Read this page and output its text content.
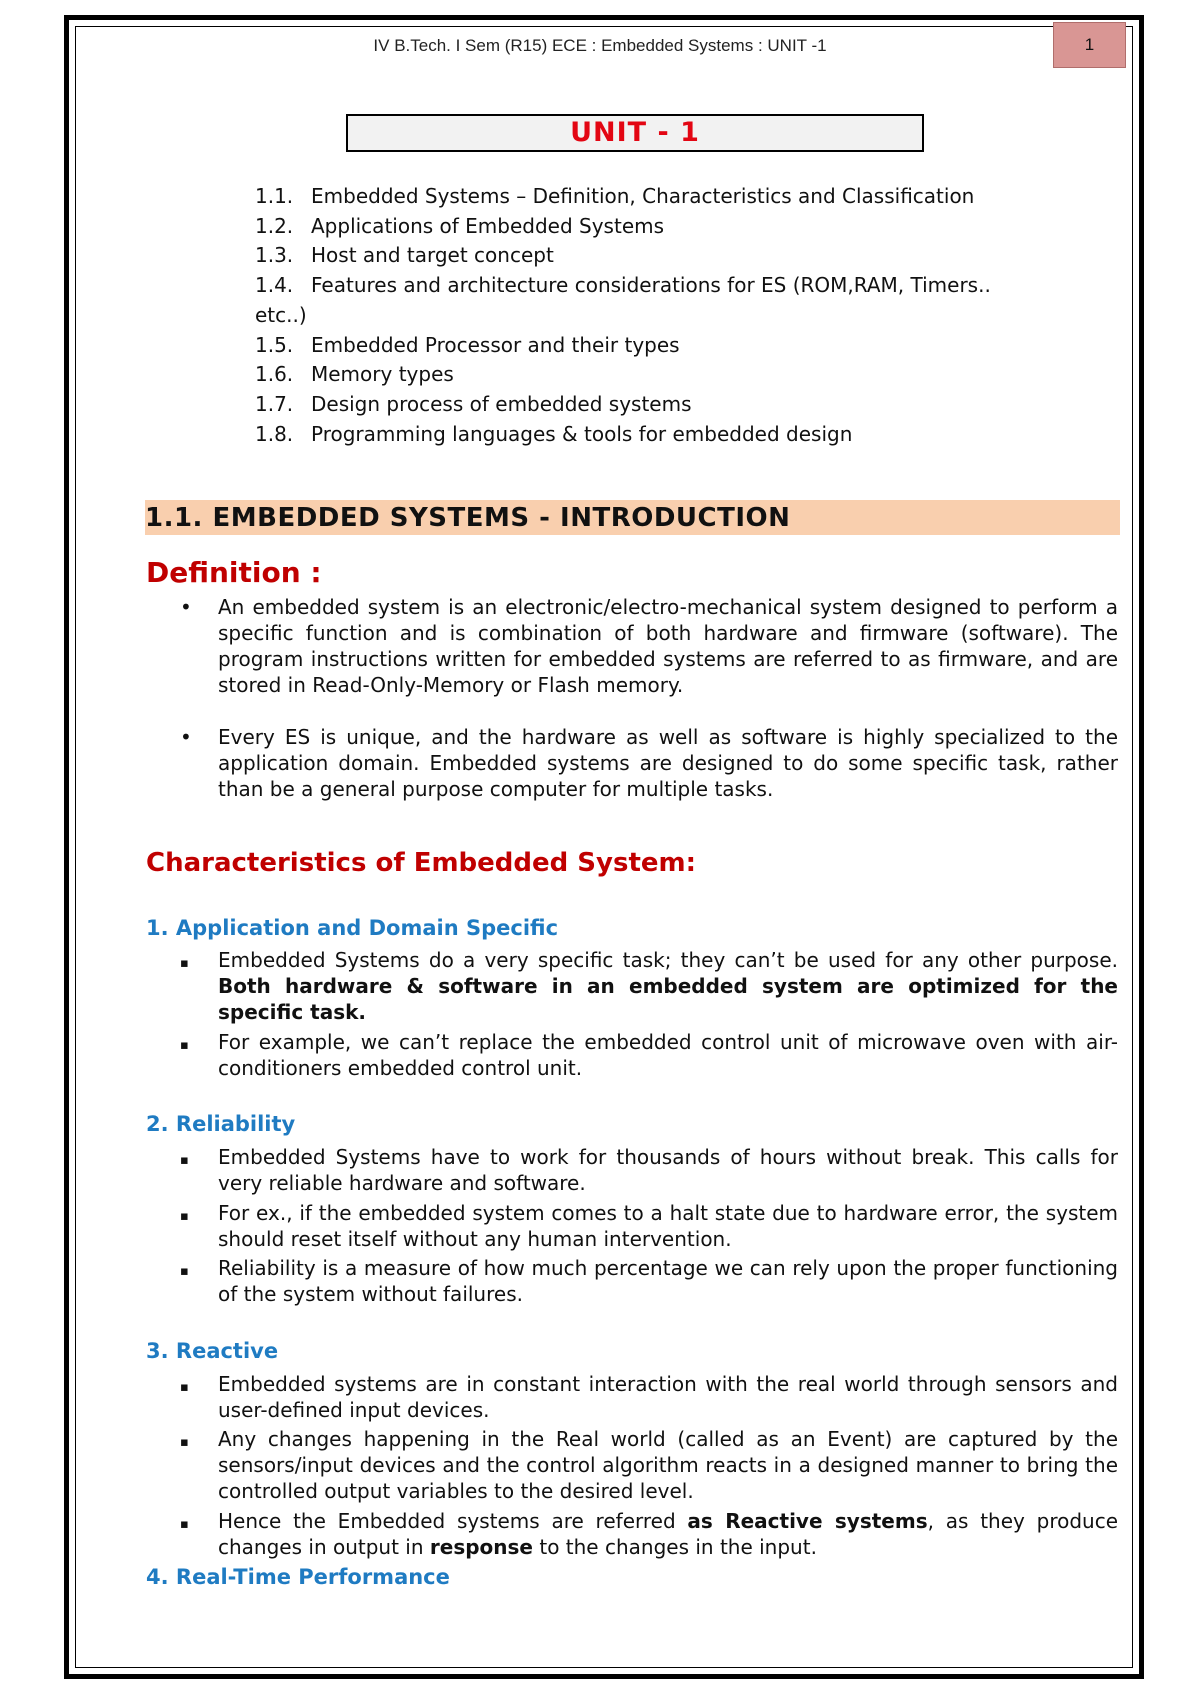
IV B.Tech. I Sem (R15) ECE : Embedded Systems : UNIT -1	1
UNIT - 1
1.1. Embedded Systems – Definition, Characteristics and Classification
1.2. Applications of Embedded Systems
1.3. Host and target concept
1.4. Features and architecture considerations for ES (ROM,RAM, Timers..
etc..)
1.5. Embedded Processor and their types
1.6. Memory types
1.7. Design process of embedded systems
1.8. Programming languages & tools for embedded design
1.1. EMBEDDED SYSTEMS - INTRODUCTION
Definition :
•	An embedded system is an electronic/electro-mechanical system designed to perform a specific function and is combination of both hardware and firmware (software). The program instructions written for embedded systems are referred to as firmware, and are stored in Read-Only-Memory or Flash memory.
•	Every ES is unique, and the hardware as well as software is highly specialized to the application domain. Embedded systems are designed to do some specific task, rather than be a general purpose computer for multiple tasks.
Characteristics of Embedded System:
1. Application and Domain Specific
▪	Embedded Systems do a very specific task; they can’t be used for any other purpose. Both hardware & software in an embedded system are optimized for the specific task.
▪	For example, we can’t replace the embedded control unit of microwave oven with air-conditioners embedded control unit.
2. Reliability
▪	Embedded Systems have to work for thousands of hours without break. This calls for very reliable hardware and software.
▪	For ex., if the embedded system comes to a halt state due to hardware error, the system should reset itself without any human intervention.
▪	Reliability is a measure of how much percentage we can rely upon the proper functioning of the system without failures.
3. Reactive
▪	Embedded systems are in constant interaction with the real world through sensors and user-defined input devices.
▪	Any changes happening in the Real world (called as an Event) are captured by the sensors/input devices and the control algorithm reacts in a designed manner to bring the controlled output variables to the desired level.
▪	Hence the Embedded systems are referred as Reactive systems, as they produce changes in output in response to the changes in the input.
4. Real-Time Performance
